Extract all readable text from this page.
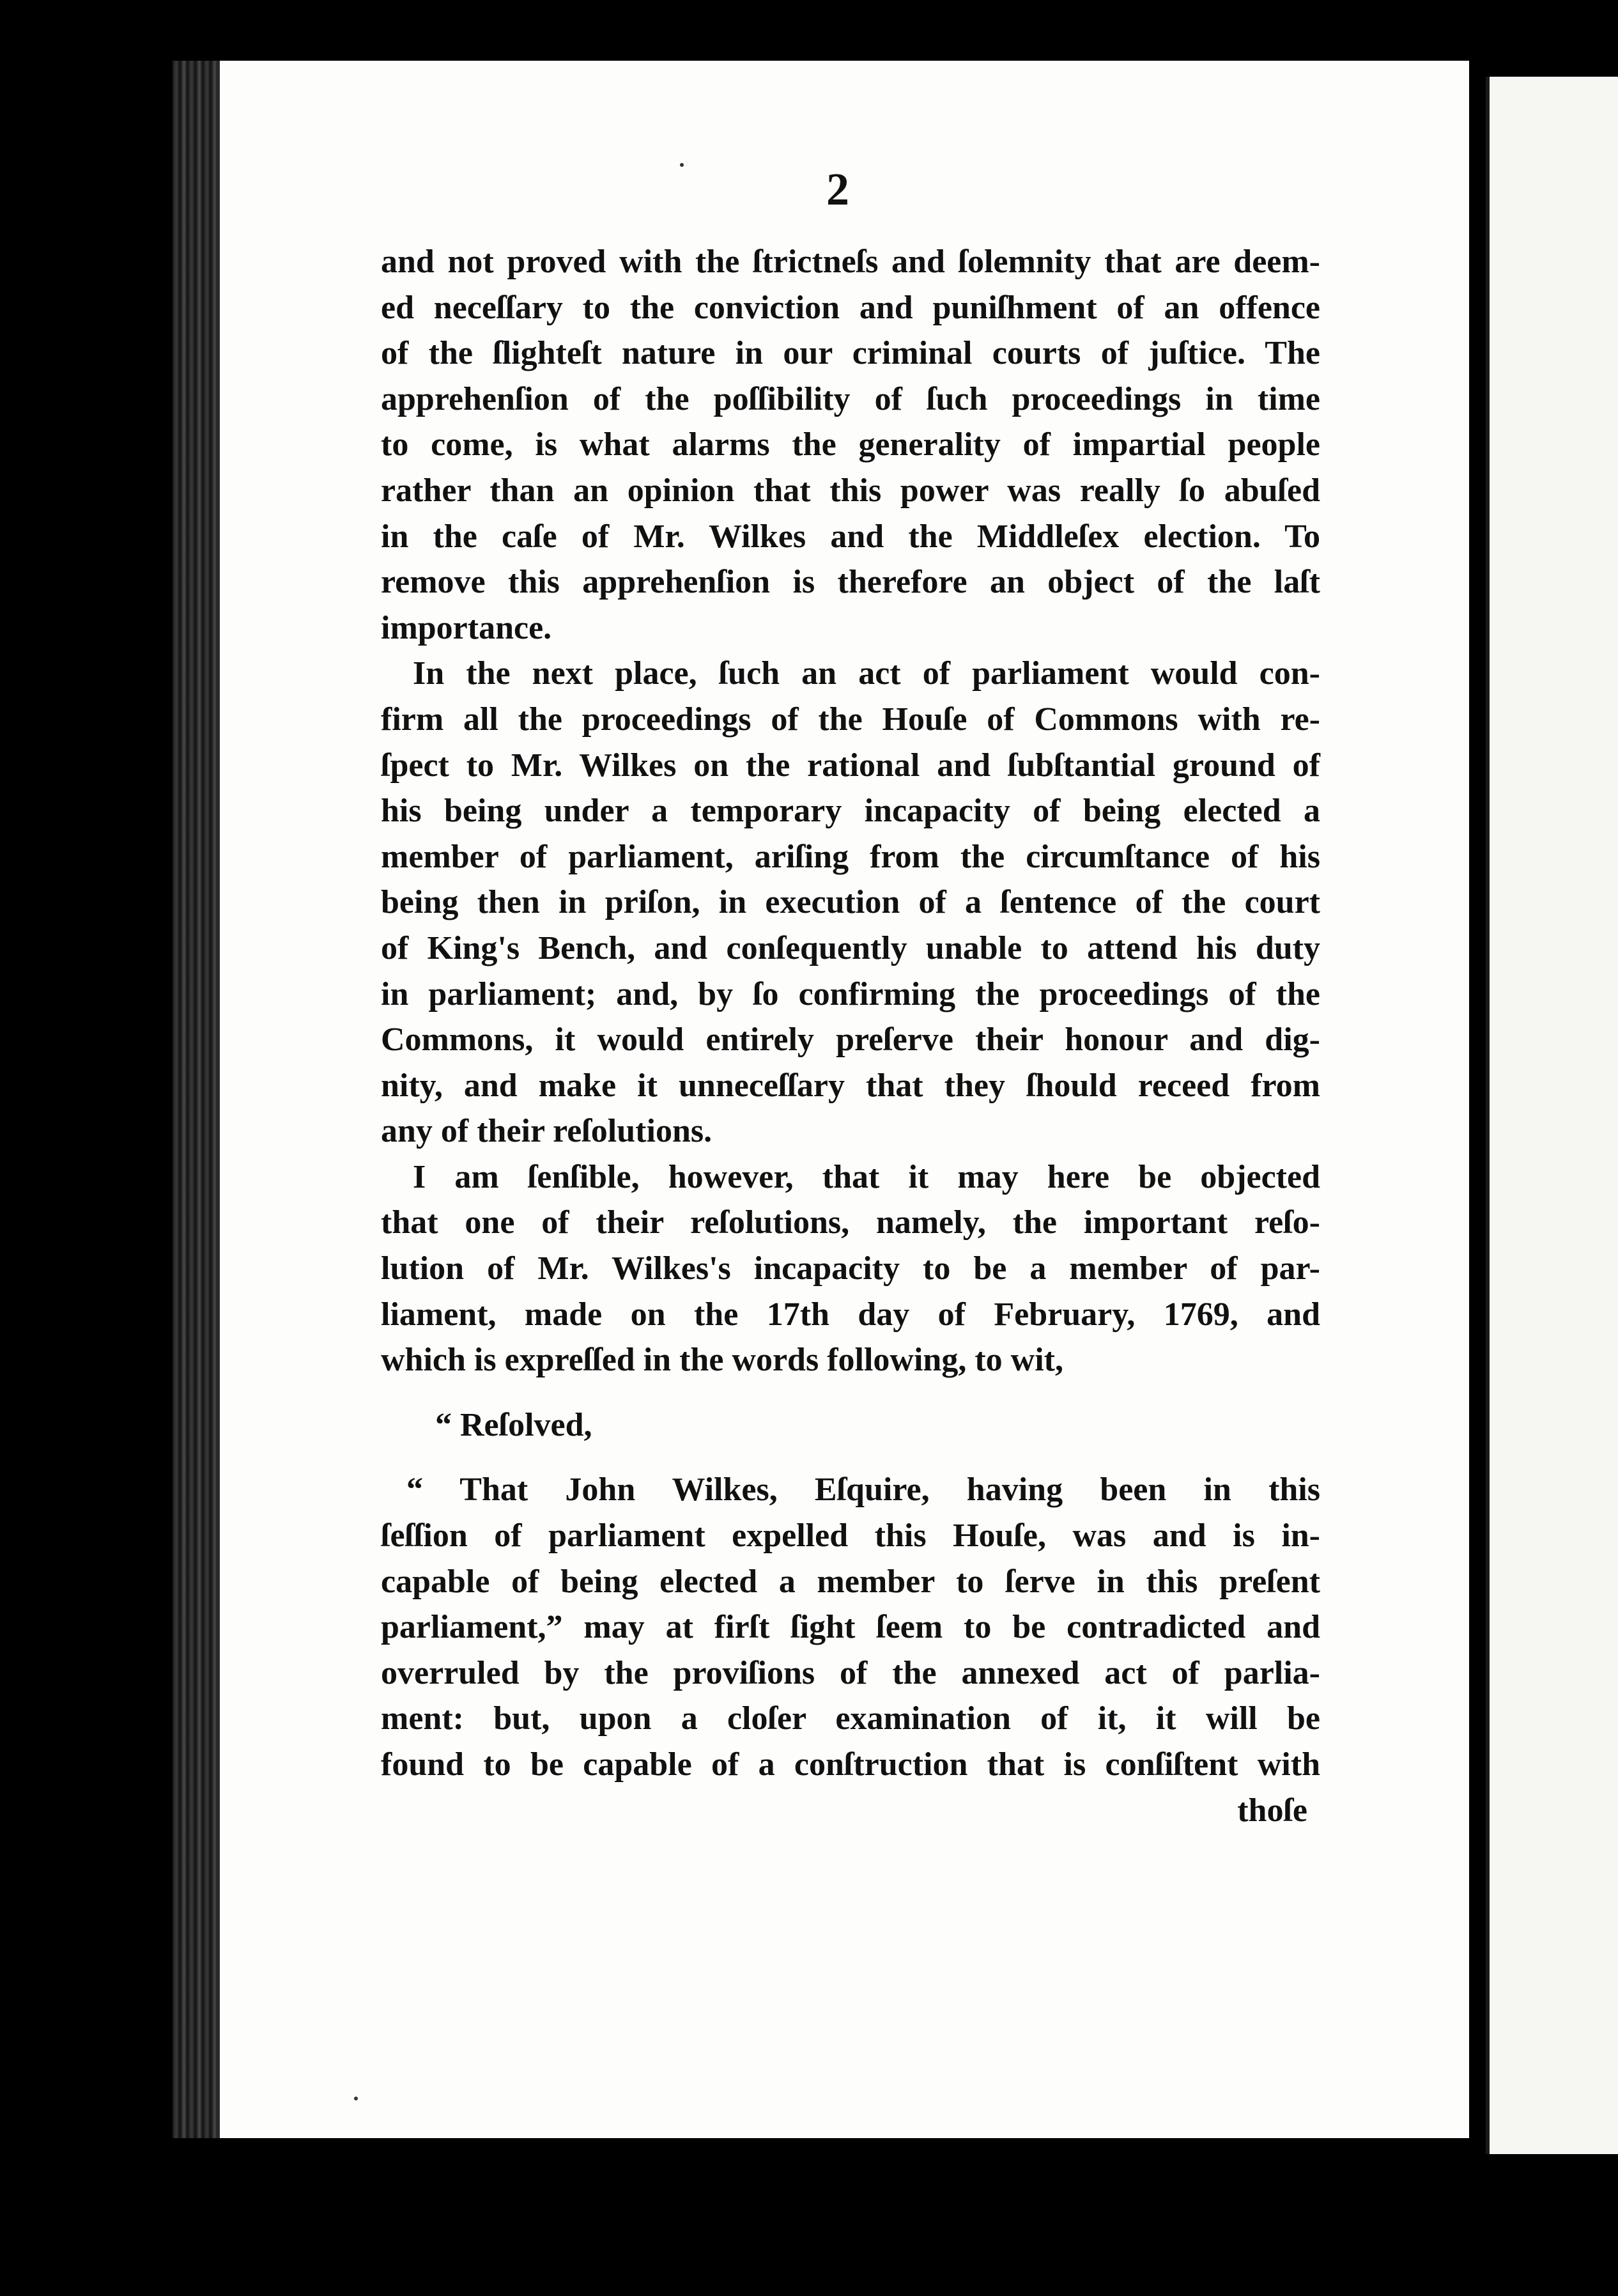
2
and not proved with the ſtrictneſs and ſolemnity that are deem-
ed neceſſary to the conviction and puniſhment of an offence
of the ſlighteſt nature in our criminal courts of juſtice. The
apprehenſion of the poſſibility of ſuch proceedings in time
to come, is what alarms the generality of impartial people
rather than an opinion that this power was really ſo abuſed
in the caſe of Mr. Wilkes and the Middleſex election. To
remove this apprehenſion is therefore an object of the laſt
importance.
In the next place, ſuch an act of parliament would con-
firm all the proceedings of the Houſe of Commons with re-
ſpect to Mr. Wilkes on the rational and ſubſtantial ground of
his being under a temporary incapacity of being elected a
member of parliament, ariſing from the circumſtance of his
being then in priſon, in execution of a ſentence of the court
of King's Bench, and conſequently unable to attend his duty
in parliament; and, by ſo confirming the proceedings of the
Commons, it would entirely preſerve their honour and dig-
nity, and make it unneceſſary that they ſhould receed from
any of their reſolutions.
I am ſenſible, however, that it may here be objected
that one of their reſolutions, namely, the important reſo-
lution of Mr. Wilkes's incapacity to be a member of par-
liament, made on the 17th day of February, 1769, and
which is expreſſed in the words following, to wit,
“ Reſolved,
“ That John Wilkes, Eſquire, having been in this
ſeſſion of parliament expelled this Houſe, was and is in-
capable of being elected a member to ſerve in this preſent
parliament,” may at firſt ſight ſeem to be contradicted and
overruled by the proviſions of the annexed act of parlia-
ment: but, upon a cloſer examination of it, it will be
found to be capable of a conſtruction that is conſiſtent with
thoſe
